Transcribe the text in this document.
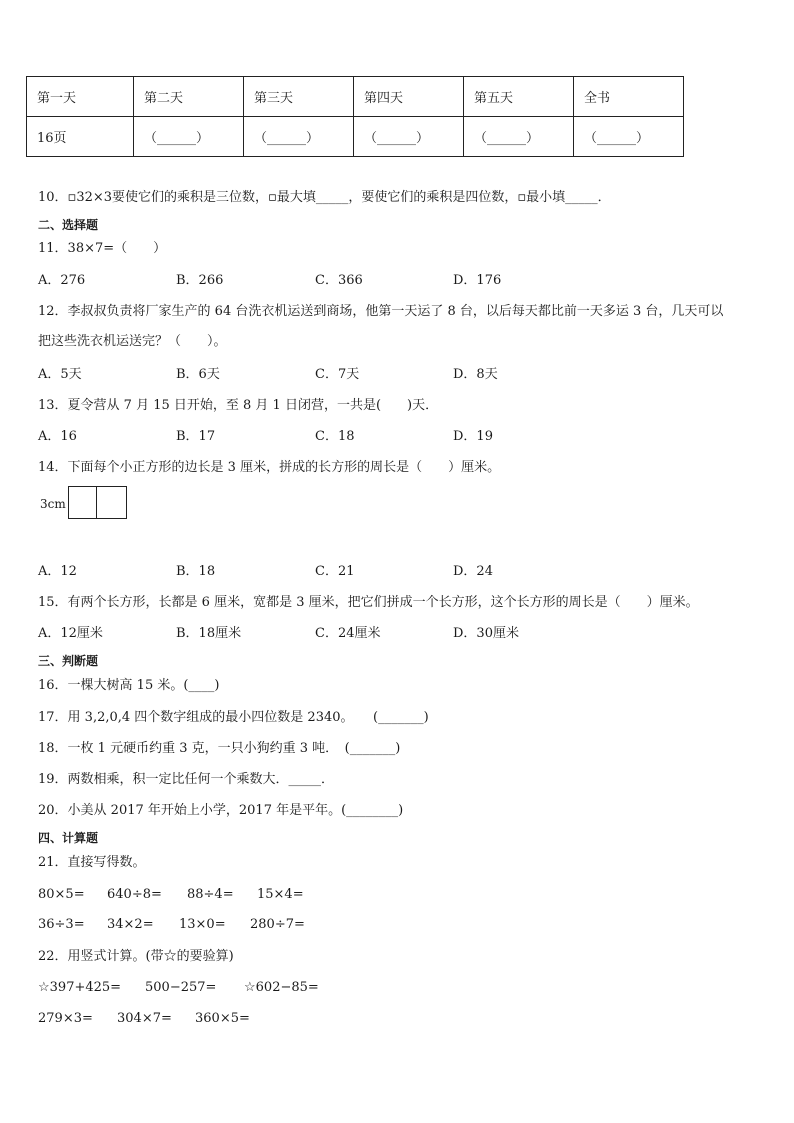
第一天	第二天	第三天	第四天	第五天	全书
16页	（______）	（______）	（______）	（______）	（______）
10．▫32×3要使它们的乘积是三位数，▫最大填_____，要使它们的乘积是四位数，▫最小填_____．
二、选择题
11．38×7=（　　）
A．276	B．266	C．366	D．176
12．李叔叔负责将厂家生产的 64 台洗衣机运送到商场，他第一天运了 8 台，以后每天都比前一天多运 3 台，几天可以
把这些洗衣机运送完？（　　）。
A．5天	B．6天	C．7天	D．8天
13．夏令营从 7 月 15 日开始，至 8 月 1 日闭营，一共是(　　)天．
A．16	B．17	C．18	D．19
14．下面每个小正方形的边长是 3 厘米，拼成的长方形的周长是（　　）厘米。
3cm
A．12	B．18	C．21	D．24
15．有两个长方形，长都是 6 厘米，宽都是 3 厘米，把它们拼成一个长方形，这个长方形的周长是（　　）厘米。
A．12厘米	B．18厘米	C．24厘米	D．30厘米
三、判断题
16．一棵大树高 15 米。(____)
17．用 3,2,0,4 四个数字组成的最小四位数是 2340。　　(_______)
18．一枚 1 元硬币约重 3 克，一只小狗约重 3 吨．　(_______)
19．两数相乘，积一定比任何一个乘数大．_____．
20．小美从 2017 年开始上小学，2017 年是平年。(________)
四、计算题
21．直接写得数。
80×5= 640÷8= 88÷4= 15×4=
36÷3= 34×2= 13×0= 280÷7=
22．用竖式计算。(带☆的要验算)
☆397+425= 500−257= ☆602−85=
279×3= 304×7= 360×5=
